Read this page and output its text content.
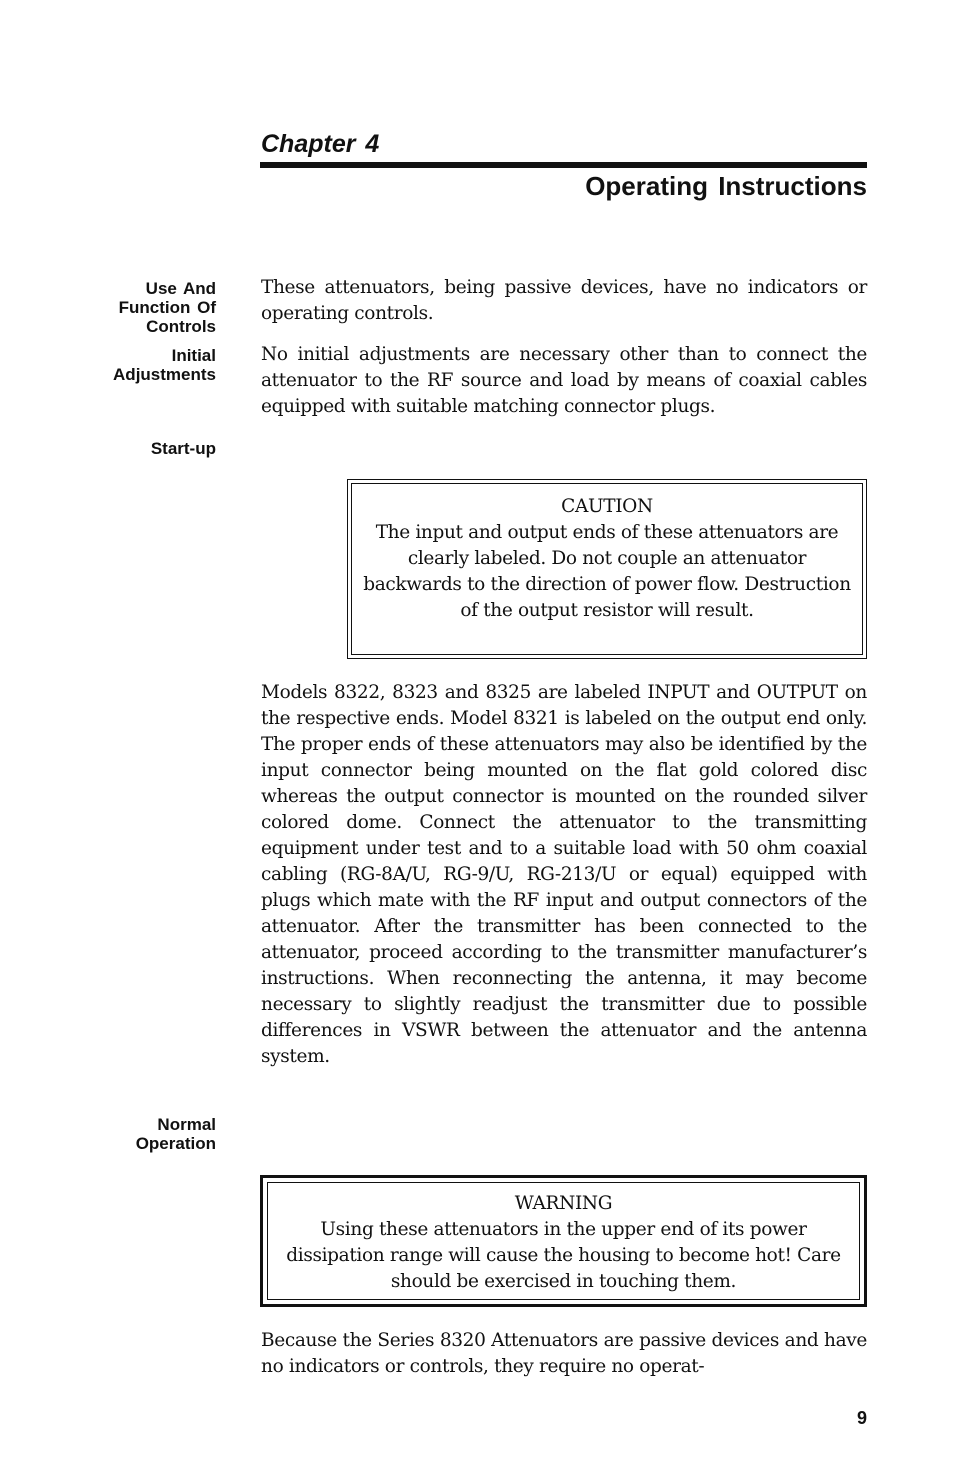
Chapter 4
Operating Instructions
Use And
Function Of
Controls
Initial
Adjustments
Start-up
Normal
Operation

These attenuators, being passive devices, have no indicators or operating controls.

No initial adjustments are necessary other than to connect the attenuator to the RF source and load by means of coaxial cables equipped with suitable matching connector plugs.

CAUTION
The input and output ends of these attenuators are clearly labeled. Do not couple an attenuator backwards to the direction of power flow. Destruction of the output resistor will result.

Models 8322, 8323 and 8325 are labeled INPUT and OUTPUT on the respective ends. Model 8321 is labeled on the output end only. The proper ends of these attenuators may also be identified by the input connector being mounted on the flat gold colored disc whereas the output connector is mounted on the rounded silver colored dome. Connect the attenuator to the transmitting equipment under test and to a suitable load with 50 ohm coaxial cabling (RG-8A/U, RG-9/U, RG-213/U or equal) equipped with plugs which mate with the RF input and output connectors of the attenuator. After the transmitter has been connected to the attenuator, proceed according to the transmitter manufacturer’s instructions. When reconnecting the antenna, it may become necessary to slightly readjust the transmitter due to possible differences in VSWR between the attenuator and the antenna system.

WARNING
Using these attenuators in the upper end of its power dissipation range will cause the housing to become hot! Care should be exercised in touching them.

Because the Series 8320 Attenuators are passive devices and have no indicators or controls, they require no operat-

9
